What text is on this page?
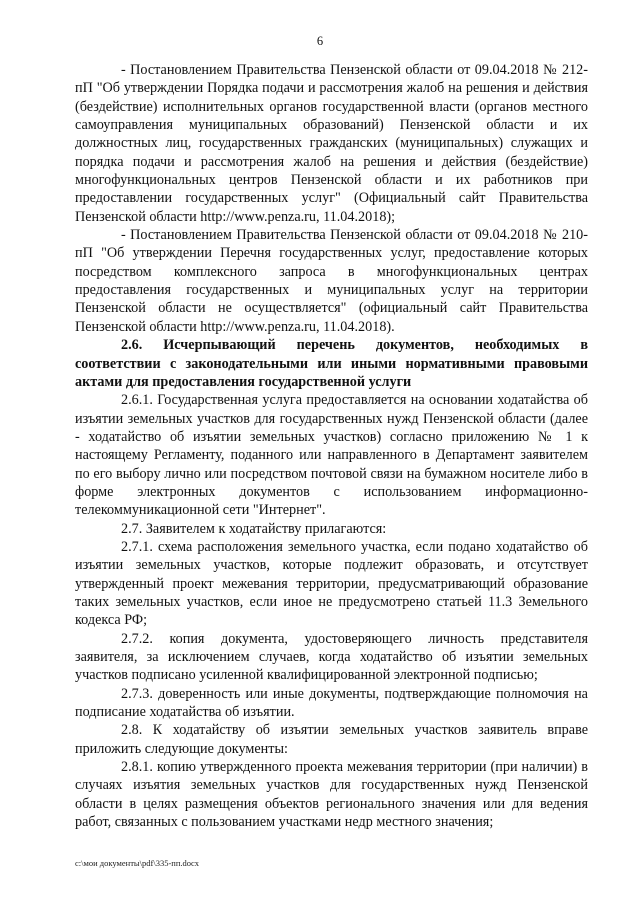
6

- Постановлением Правительства Пензенской области от 09.04.2018 № 212-пП "Об утверждении Порядка подачи и рассмотрения жалоб на решения и действия (бездействие) исполнительных органов государственной власти (органов местного самоуправления муниципальных образований) Пензенской области и их должностных лиц, государственных гражданских (муниципальных) служащих и порядка подачи и рассмотрения жалоб на решения и действия (бездействие) многофункциональных центров Пензенской области и их работников при предоставлении государственных услуг" (Официальный сайт Правительства Пензенской области http://www.penza.ru, 11.04.2018);

- Постановлением Правительства Пензенской области от 09.04.2018 № 210-пП "Об утверждении Перечня государственных услуг, предоставление которых посредством комплексного запроса в многофункциональных центрах предоставления государственных и муниципальных услуг на территории Пензенской области не осуществляется" (официальный сайт Правительства Пензенской области http://www.penza.ru, 11.04.2018).

2.6. Исчерпывающий перечень документов, необходимых в соответствии с законодательными или иными нормативными правовыми актами для предоставления государственной услуги

2.6.1. Государственная услуга предоставляется на основании ходатайства об изъятии земельных участков для государственных нужд Пензенской области (далее - ходатайство об изъятии земельных участков) согласно приложению № 1 к настоящему Регламенту, поданного или направленного в Департамент заявителем по его выбору лично или посредством почтовой связи на бумажном носителе либо в форме электронных документов с использованием информационно-телекоммуникационной сети "Интернет".

2.7. Заявителем к ходатайству прилагаются:

2.7.1. схема расположения земельного участка, если подано ходатайство об изъятии земельных участков, которые подлежит образовать, и отсутствует утвержденный проект межевания территории, предусматривающий образование таких земельных участков, если иное не предусмотрено статьей 11.3 Земельного кодекса РФ;

2.7.2. копия документа, удостоверяющего личность представителя заявителя, за исключением случаев, когда ходатайство об изъятии земельных участков подписано усиленной квалифицированной электронной подписью;

2.7.3. доверенность или иные документы, подтверждающие полномочия на подписание ходатайства об изъятии.

2.8. К ходатайству об изъятии земельных участков заявитель вправе приложить следующие документы:

2.8.1. копию утвержденного проекта межевания территории (при наличии) в случаях изъятия земельных участков для государственных нужд Пензенской области в целях размещения объектов регионального значения или для ведения работ, связанных с пользованием участками недр местного значения;

c:\мои документы\pdf\335-пп.docx
